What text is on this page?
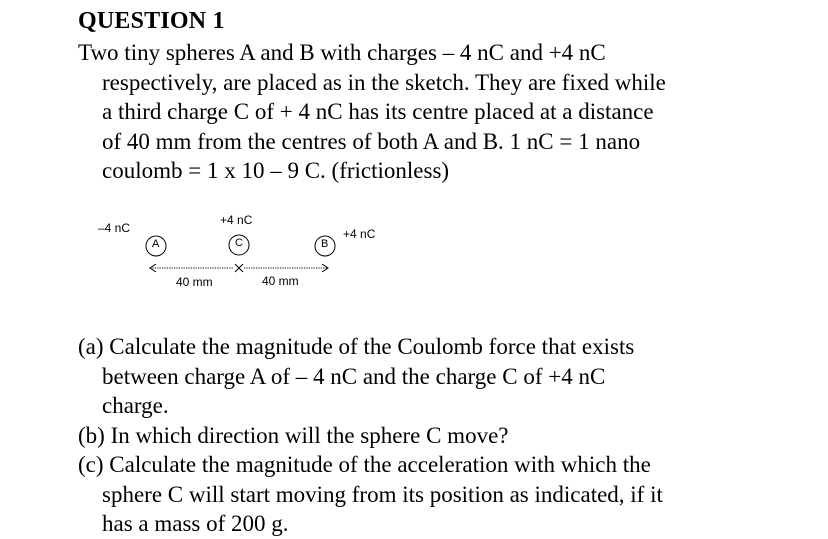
QUESTION 1
Two tiny spheres A and B with charges – 4 nC and +4 nC
respectively, are placed as in the sketch. They are fixed while
a third charge C of + 4 nC has its centre placed at a distance
of 40 mm from the centres of both A and B. 1 nC = 1 nano
coulomb = 1 x 10 – 9 C. (frictionless)
–4 nC
+4 nC
+4 nC
A	C	B
40 mm	40 mm
(a) Calculate the magnitude of the Coulomb force that exists
between charge A of – 4 nC and the charge C of +4 nC
charge.
(b) In which direction will the sphere C move?
(c) Calculate the magnitude of the acceleration with which the
sphere C will start moving from its position as indicated, if it
has a mass of 200 g.
